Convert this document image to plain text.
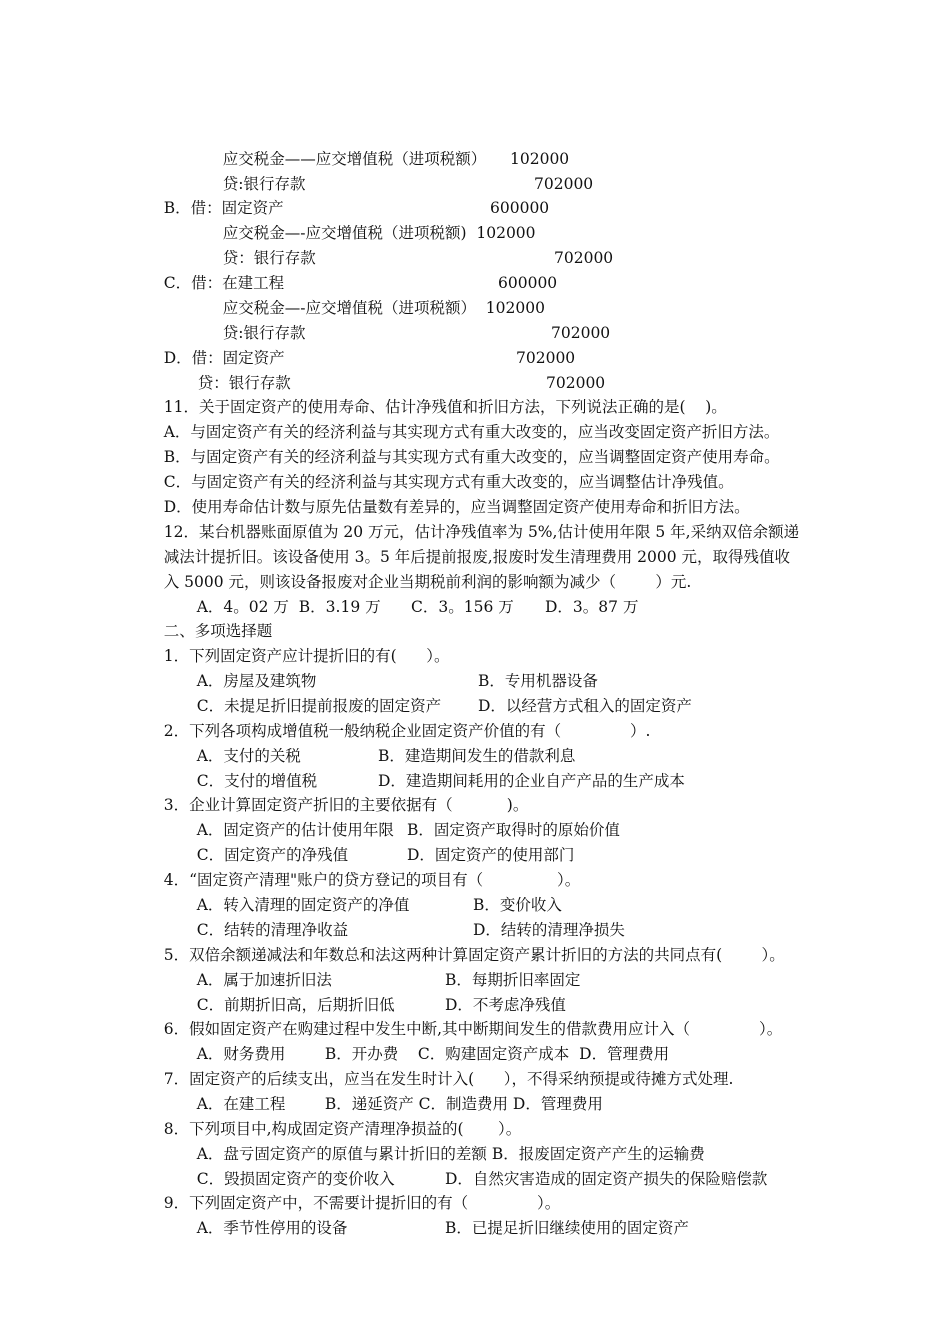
应交税金——应交增值税（进项税额） 102000

贷:银行存款	702000

B．借：固定资产	600000

应交税金—-应交增值税（进项税额)  102000

贷：银行存款	702000

C．借：在建工程	600000

应交税金—-应交增值税（进项税额）  102000

贷:银行存款	702000

D．借：固定资产	702000

贷：银行存款	702000

11．关于固定资产的使用寿命、估计净残值和折旧方法，下列说法正确的是(    )。

A．与固定资产有关的经济利益与其实现方式有重大改变的，应当改变固定资产折旧方法。

B．与固定资产有关的经济利益与其实现方式有重大改变的，应当调整固定资产使用寿命。

C．与固定资产有关的经济利益与其实现方式有重大改变的，应当调整估计净残值。

D．使用寿命估计数与原先估量数有差异的，应当调整固定资产使用寿命和折旧方法。

12．某台机器账面原值为 20 万元，估计净残值率为 5%,估计使用年限 5 年,采纳双倍余额递

减法计提折旧。该设备使用 3。5 年后提前报废,报废时发生清理费用 2000 元，取得残值收

入 5000 元，则该设备报废对企业当期税前利润的影响额为减少（        ）元.

A．4。02 万  B．3.19 万 C．3。156 万 D．3。87 万

二、多项选择题

1．下列固定资产应计提折旧的有(      ）。

A．房屋及建筑物	B．专用机器设备

C．未提足折旧提前报废的固定资产 D．以经营方式租入的固定资产

2．下列各项构成增值税一般纳税企业固定资产价值的有（              ）.

A．支付的关税	B．建造期间发生的借款利息

C．支付的增值税	D．建造期间耗用的企业自产产品的生产成本

3．企业计算固定资产折旧的主要依据有（           )。

A．固定资产的估计使用年限 B．固定资产取得时的原始价值

C．固定资产的净残值	D．固定资产的使用部门

4．“固定资产清理"账户的贷方登记的项目有（               ）。

A．转入清理的固定资产的净值	B．变价收入

C．结转的清理净收益	D．结转的清理净损失

5．双倍余额递减法和年数总和法这两种计算固定资产累计折旧的方法的共同点有(        ）。

A．属于加速折旧法	B．每期折旧率固定

C．前期折旧高，后期折旧低	D．不考虑净残值

6．假如固定资产在购建过程中发生中断,其中断期间发生的借款费用应计入（              ）。

A．财务费用        B．开办费    C．购建固定资产成本  D．管理费用

7．固定资产的后续支出，应当在发生时计入(      ），不得采纳预提或待摊方式处理.

A．在建工程        B．递延资产 C．制造费用 D．管理费用

8．下列项目中,构成固定资产清理净损益的(       ）。

A．盘亏固定资产的原值与累计折旧的差额 B．报废固定资产产生的运输费

C．毁损固定资产的变价收入	D．自然灾害造成的固定资产损失的保险赔偿款

9．下列固定资产中，不需要计提折旧的有（              ）。

A．季节性停用的设备	B．已提足折旧继续使用的固定资产
